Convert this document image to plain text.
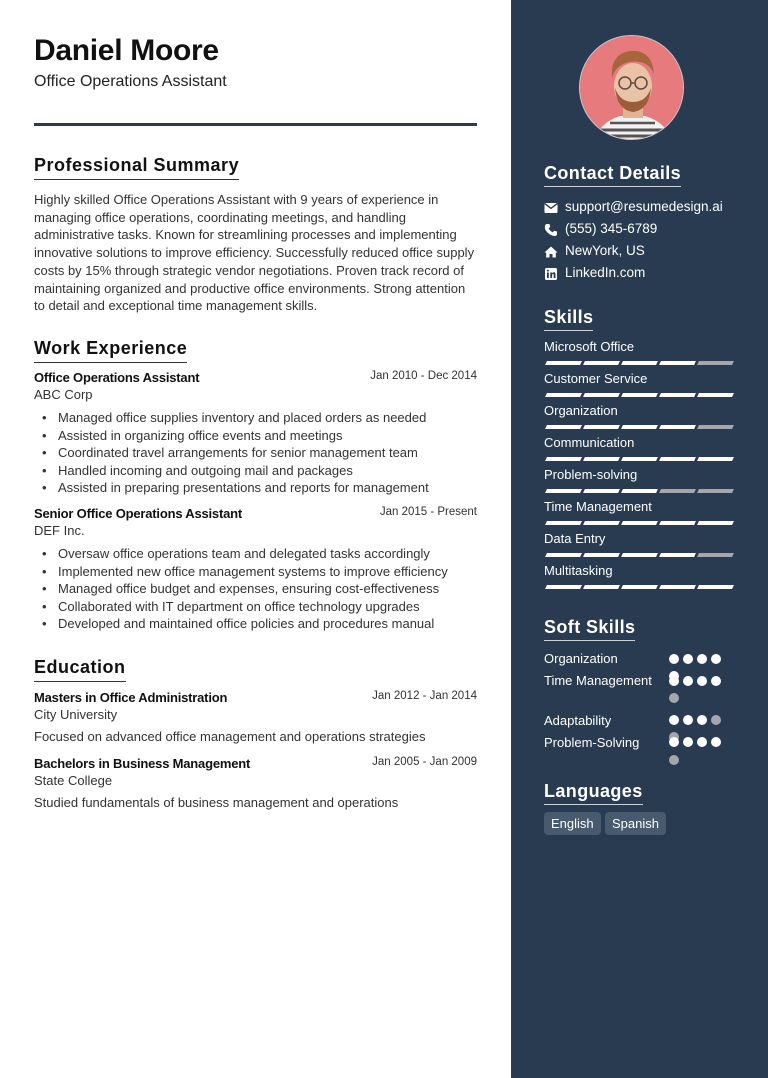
Daniel Moore
Office Operations Assistant
Professional Summary
Highly skilled Office Operations Assistant with 9 years of experience in managing office operations, coordinating meetings, and handling administrative tasks. Known for streamlining processes and implementing innovative solutions to improve efficiency. Successfully reduced office supply costs by 15% through strategic vendor negotiations. Proven track record of maintaining organized and productive office environments. Strong attention to detail and exceptional time management skills.
Work Experience
Office Operations Assistant	Jan 2010 - Dec 2014
ABC Corp
• Managed office supplies inventory and placed orders as needed
• Assisted in organizing office events and meetings
• Coordinated travel arrangements for senior management team
• Handled incoming and outgoing mail and packages
• Assisted in preparing presentations and reports for management
Senior Office Operations Assistant	Jan 2015 - Present
DEF Inc.
• Oversaw office operations team and delegated tasks accordingly
• Implemented new office management systems to improve efficiency
• Managed office budget and expenses, ensuring cost-effectiveness
• Collaborated with IT department on office technology upgrades
• Developed and maintained office policies and procedures manual
Education
Masters in Office Administration	Jan 2012 - Jan 2014
City University
Focused on advanced office management and operations strategies
Bachelors in Business Management	Jan 2005 - Jan 2009
State College
Studied fundamentals of business management and operations
Contact Details
support@resumedesign.ai
(555) 345-6789
NewYork, US
LinkedIn.com
Skills
Microsoft Office
Customer Service
Organization
Communication
Problem-solving
Time Management
Data Entry
Multitasking
Soft Skills
Organization
Time Management
Adaptability
Problem-Solving
Languages
English	Spanish
